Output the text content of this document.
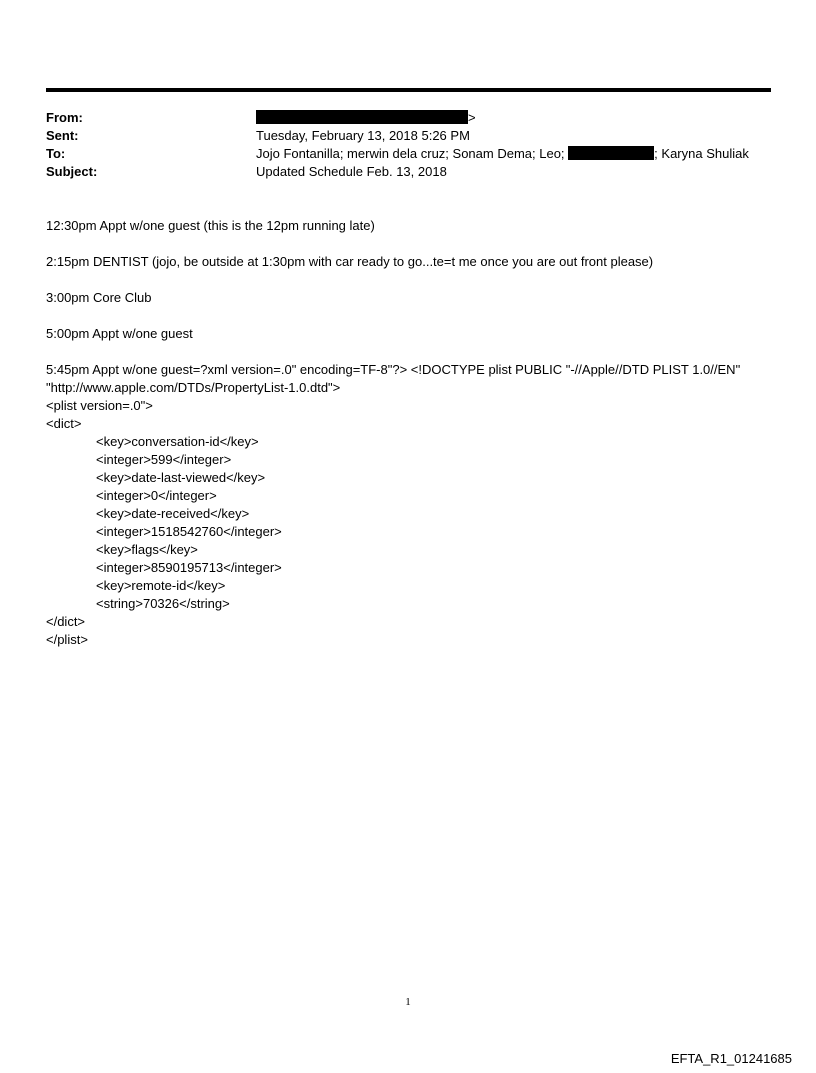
From:	>
Sent:	Tuesday, February 13, 2018 5:26 PM
To:	Jojo Fontanilla; merwin dela cruz; Sonam Dema; Leo;	; Karyna Shuliak
Subject:	Updated Schedule Feb. 13, 2018

12:30pm Appt w/one guest (this is the 12pm running late)

2:15pm DENTIST (jojo, be outside at 1:30pm with car ready to go...te=t me once you are out front please)

3:00pm Core Club

5:00pm Appt w/one guest

5:45pm Appt w/one guest=?xml version=.0" encoding=TF-8"?> <!DOCTYPE plist PUBLIC "-//Apple//DTD PLIST 1.0//EN"
"http://www.apple.com/DTDs/PropertyList-1.0.dtd">
<plist version=.0">
<dict>
<key>conversation-id</key>
<integer>599</integer>
<key>date-last-viewed</key>
<integer>0</integer>
<key>date-received</key>
<integer>1518542760</integer>
<key>flags</key>
<integer>8590195713</integer>
<key>remote-id</key>
<string>70326</string>
</dict>
</plist>
1
EFTA_R1_01241685
